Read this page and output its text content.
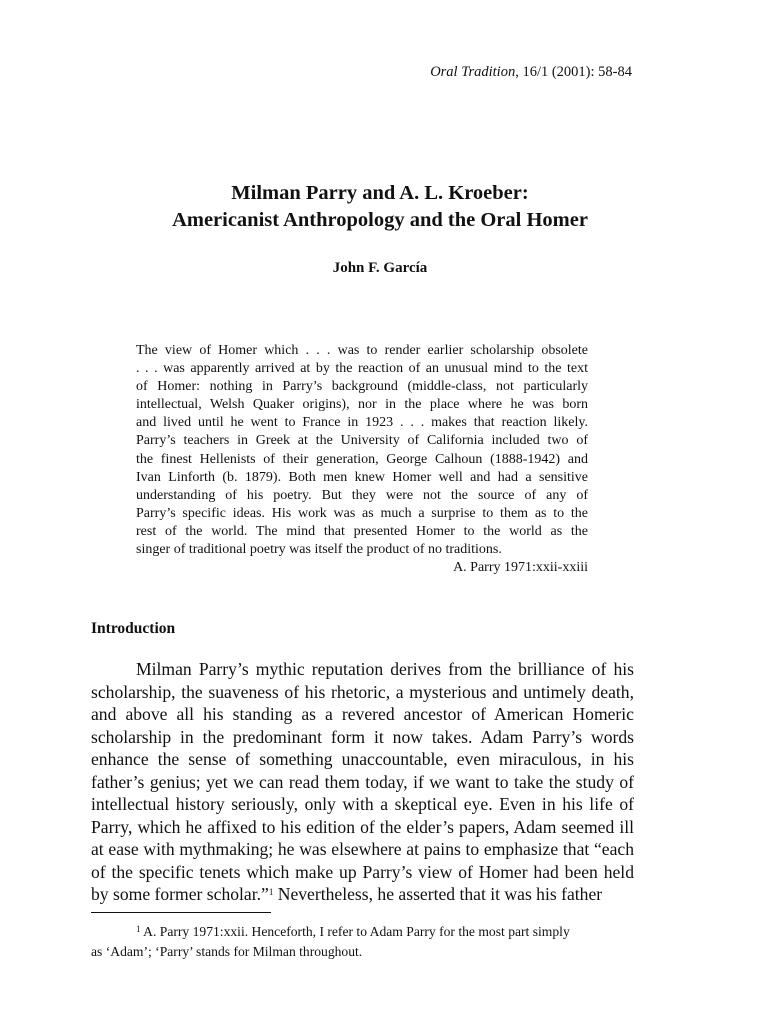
Oral Tradition, 16/1 (2001): 58-84
Milman Parry and A. L. Kroeber:
Americanist Anthropology and the Oral Homer
John F. García
The view of Homer which . . . was to render earlier scholarship obsolete
. . . was apparently arrived at by the reaction of an unusual mind to the text
of Homer: nothing in Parry’s background (middle-class, not particularly
intellectual, Welsh Quaker origins), nor in the place where he was born
and lived until he went to France in 1923 . . . makes that reaction likely.
Parry’s teachers in Greek at the University of California included two of
the finest Hellenists of their generation, George Calhoun (1888-1942) and
Ivan Linforth (b. 1879). Both men knew Homer well and had a sensitive
understanding of his poetry. But they were not the source of any of
Parry’s specific ideas. His work was as much a surprise to them as to the
rest of the world. The mind that presented Homer to the world as the
singer of traditional poetry was itself the product of no traditions.
A. Parry 1971:xxii-xxiii
Introduction
Milman Parry’s mythic reputation derives from the brilliance of his
scholarship, the suaveness of his rhetoric, a mysterious and untimely death,
and above all his standing as a revered ancestor of American Homeric
scholarship in the predominant form it now takes. Adam Parry’s words
enhance the sense of something unaccountable, even miraculous, in his
father’s genius; yet we can read them today, if we want to take the study of
intellectual history seriously, only with a skeptical eye. Even in his life of
Parry, which he affixed to his edition of the elder’s papers, Adam seemed ill
at ease with mythmaking; he was elsewhere at pains to emphasize that “each
of the specific tenets which make up Parry’s view of Homer had been held
by some former scholar.”$^1$ Nevertheless, he asserted that it was his father
$^1$ A. Parry 1971:xxii. Henceforth, I refer to Adam Parry for the most part simply
as ‘Adam’; ‘Parry’ stands for Milman throughout.
